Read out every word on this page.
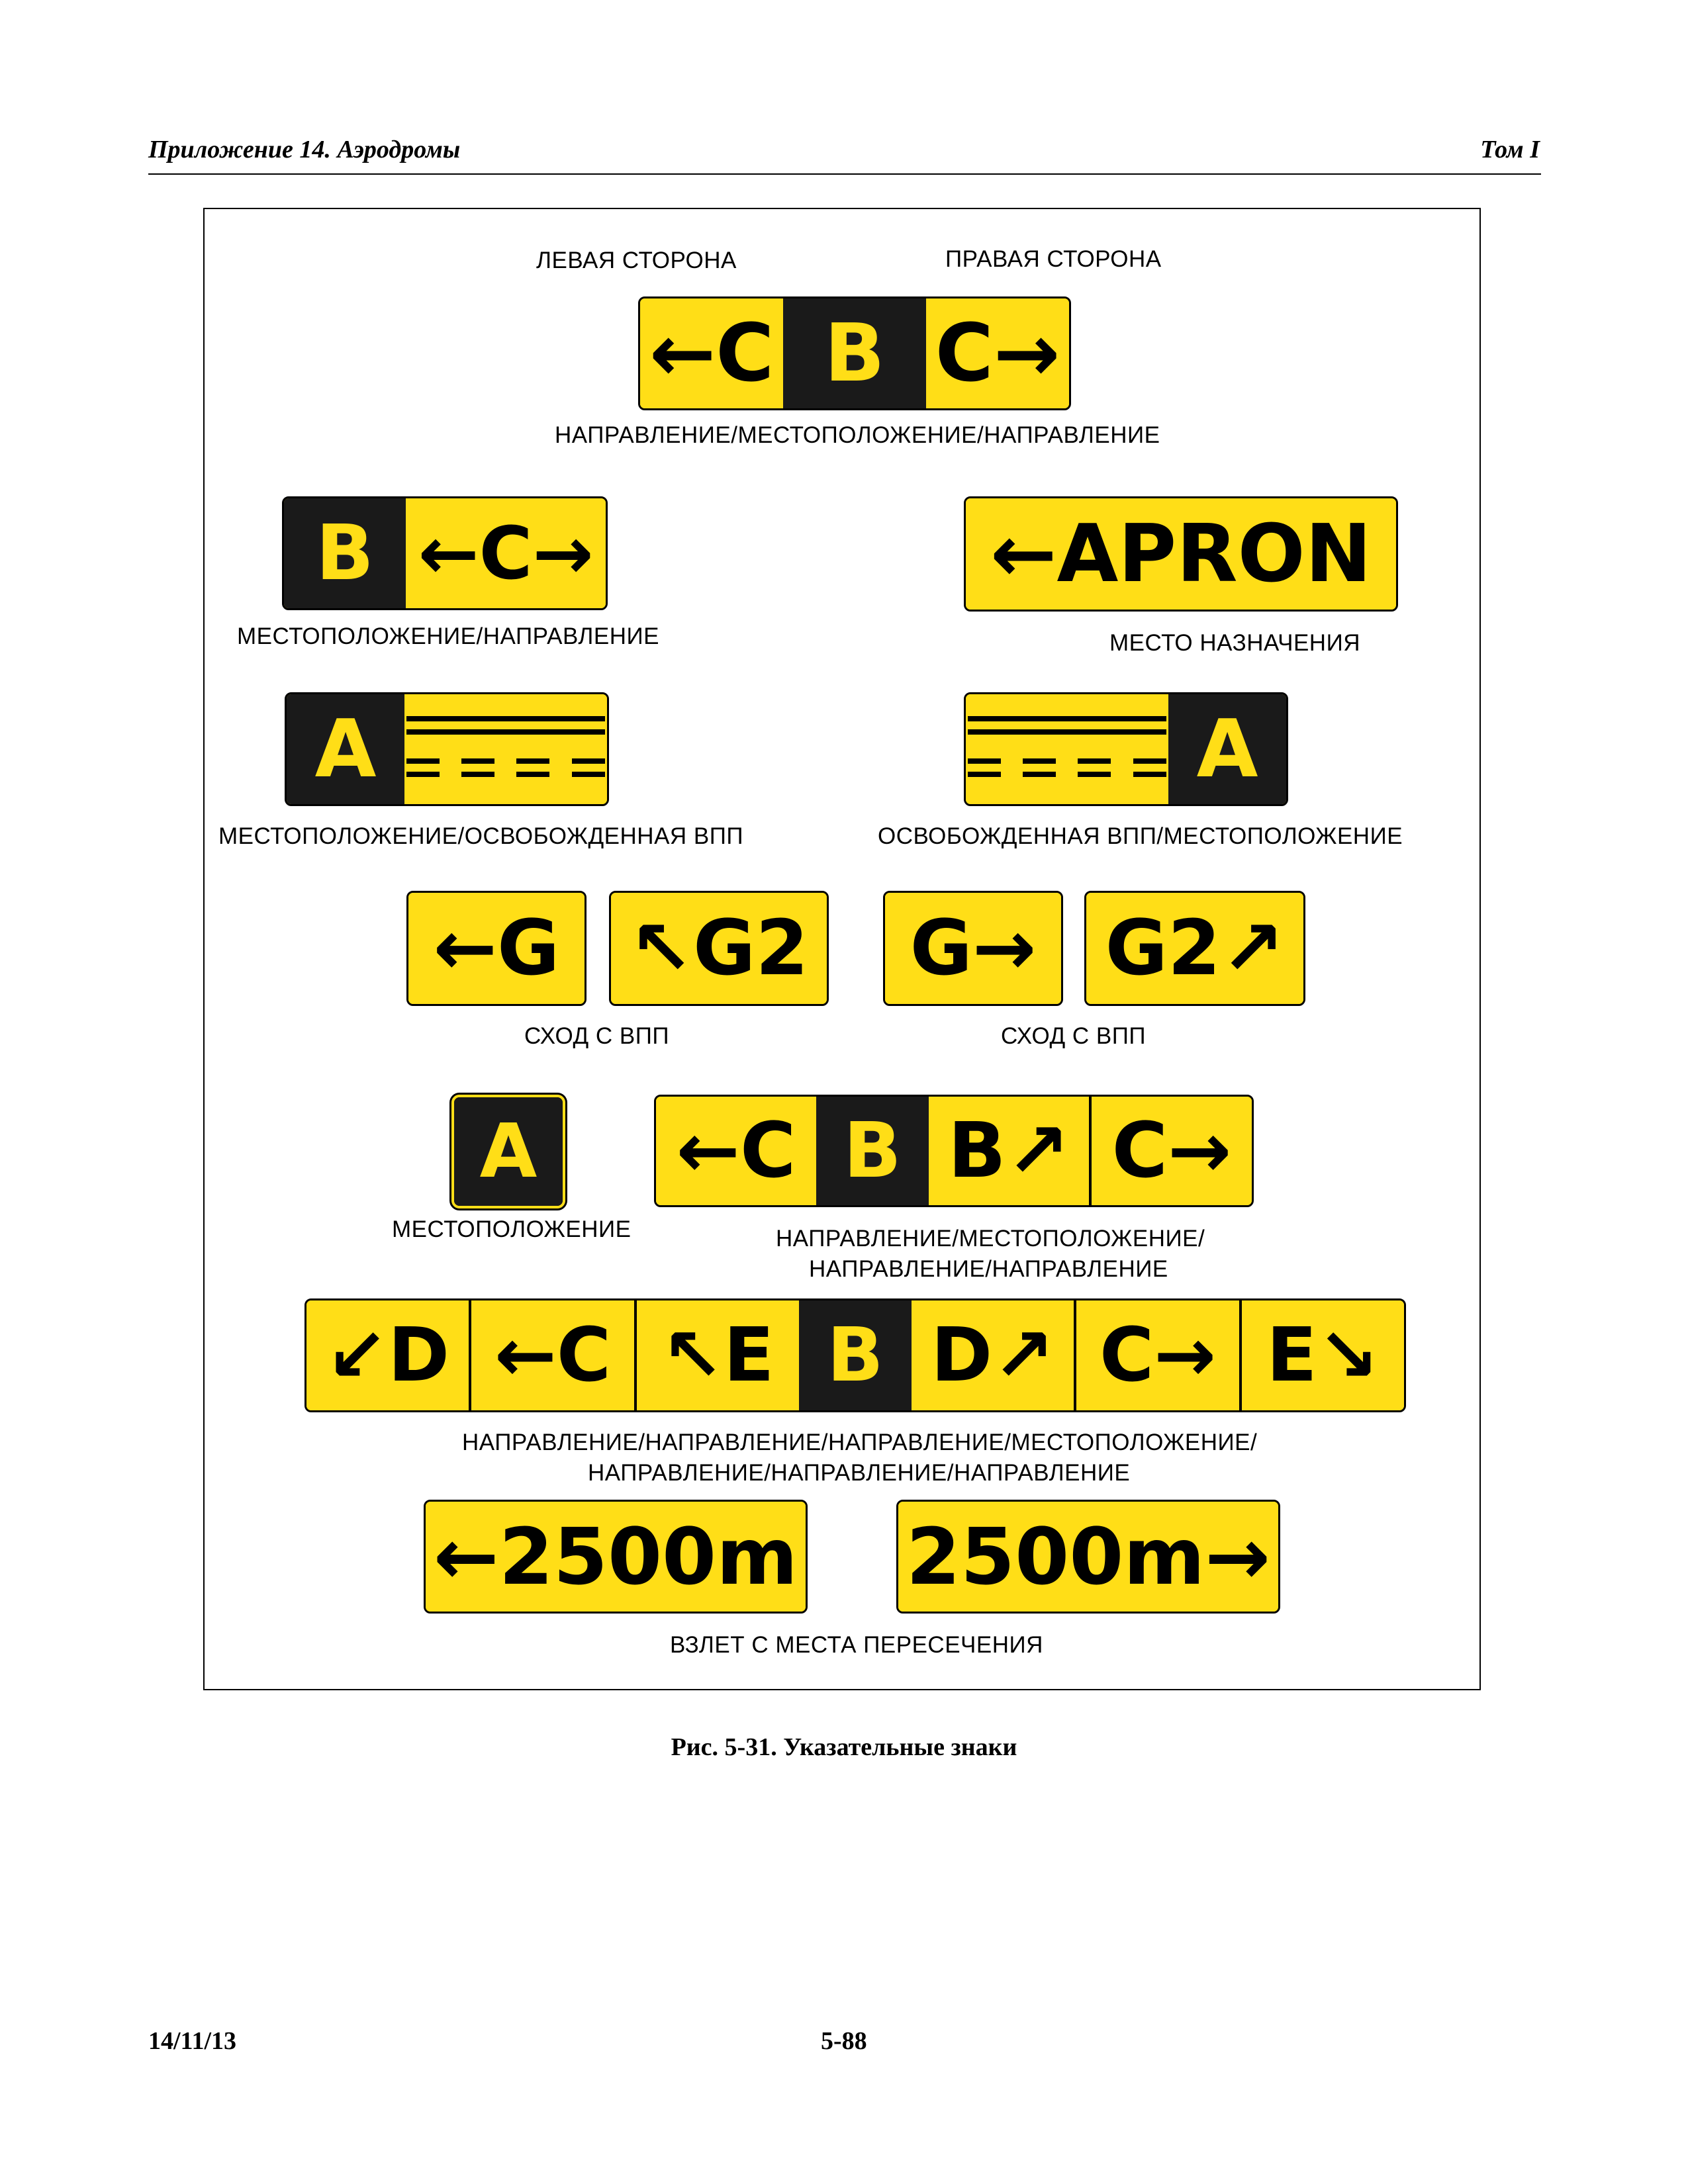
Приложение 14. Аэродромы	Том I
ЛЕВАЯ СТОРОНА	ПРАВАЯ СТОРОНА
←C B C→
НАПРАВЛЕНИЕ/МЕСТОПОЛОЖЕНИЕ/НАПРАВЛЕНИЕ
B ←C→	←APRON
МЕСТОПОЛОЖЕНИЕ/НАПРАВЛЕНИЕ	МЕСТО НАЗНАЧЕНИЯ
A	A
МЕСТОПОЛОЖЕНИЕ/ОСВОБОЖДЕННАЯ ВПП	ОСВОБОЖДЕННАЯ ВПП/МЕСТОПОЛОЖЕНИЕ
←G ↖G2	G→ G2↗
СХОД С ВПП	СХОД С ВПП
A	←C B B↗ C→
МЕСТОПОЛОЖЕНИЕ	НАПРАВЛЕНИЕ/МЕСТОПОЛОЖЕНИЕ/
НАПРАВЛЕНИЕ/НАПРАВЛЕНИЕ
↙D ←C ↖E B D↗ C→ E↘
НАПРАВЛЕНИЕ/НАПРАВЛЕНИЕ/НАПРАВЛЕНИЕ/МЕСТОПОЛОЖЕНИЕ/
НАПРАВЛЕНИЕ/НАПРАВЛЕНИЕ/НАПРАВЛЕНИЕ
←2500m 2500m→
ВЗЛЕТ С МЕСТА ПЕРЕСЕЧЕНИЯ
Рис. 5-31. Указательные знаки
14/11/13	5-88
